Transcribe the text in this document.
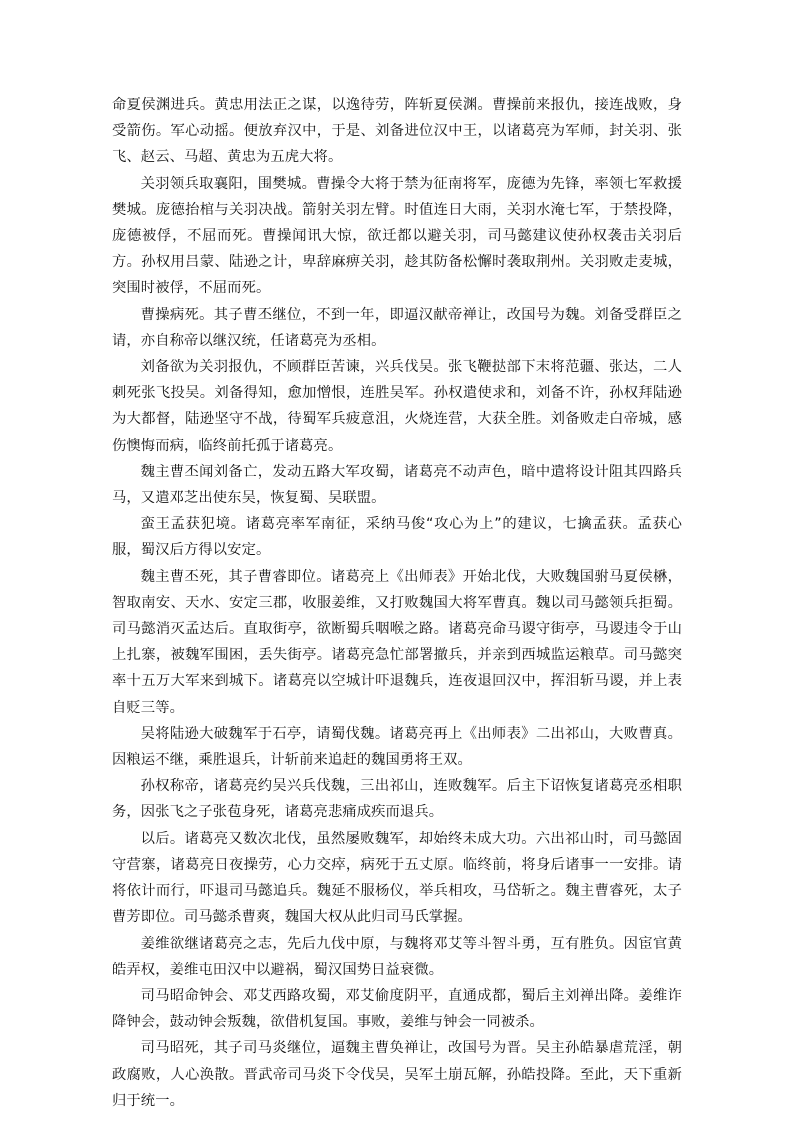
命夏侯渊进兵。黄忠用法正之谋，以逸待劳，阵斩夏侯渊。曹操前来报仇，接连战败，身受箭伤。军心动摇。便放弃汉中，于是、刘备进位汉中王，以诸葛亮为军师，封关羽、张飞、赵云、马超、黄忠为五虎大将。

关羽领兵取襄阳，围樊城。曹操令大将于禁为征南将军，庞德为先锋，率领七军救援樊城。庞德抬棺与关羽决战。箭射关羽左臂。时值连日大雨，关羽水淹七军，于禁投降，庞德被俘，不屈而死。曹操闻讯大惊，欲迁都以避关羽，司马懿建议使孙权袭击关羽后方。孙权用吕蒙、陆逊之计，卑辞麻痹关羽，趁其防备松懈时袭取荆州。关羽败走麦城，突围时被俘，不屈而死。

曹操病死。其子曹丕继位，不到一年，即逼汉献帝禅让，改国号为魏。刘备受群臣之请，亦自称帝以继汉统，任诸葛亮为丞相。

刘备欲为关羽报仇，不顾群臣苦谏，兴兵伐吴。张飞鞭挞部下末将范疆、张达，二人刺死张飞投吴。刘备得知，愈加憎恨，连胜吴军。孙权遣使求和，刘备不许，孙权拜陆逊为大都督，陆逊坚守不战，待蜀军兵疲意沮，火烧连营，大获全胜。刘备败走白帝城，感伤懊悔而病，临终前托孤于诸葛亮。

魏主曹丕闻刘备亡，发动五路大军攻蜀，诸葛亮不动声色，暗中遣将设计阻其四路兵马，又遣邓芝出使东吴，恢复蜀、吴联盟。

蛮王孟获犯境。诸葛亮率军南征，采纳马俊“攻心为上”的建议，七擒孟获。孟获心服，蜀汉后方得以安定。

魏主曹丕死，其子曹睿即位。诸葛亮上《出师表》开始北伐，大败魏国驸马夏侯楙，智取南安、天水、安定三郡，收服姜维，又打败魏国大将军曹真。魏以司马懿领兵拒蜀。司马懿消灭孟达后。直取街亭，欲断蜀兵咽喉之路。诸葛亮命马谡守街亭，马谡违令于山上扎寨，被魏军围困，丢失街亭。诸葛亮急忙部署撤兵，并亲到西城监运粮草。司马懿突率十五万大军来到城下。诸葛亮以空城计吓退魏兵，连夜退回汉中，挥泪斩马谡，并上表自贬三等。

吴将陆逊大破魏军于石亭，请蜀伐魏。诸葛亮再上《出师表》二出祁山，大败曹真。因粮运不继，乘胜退兵，计斩前来追赶的魏国勇将王双。

孙权称帝，诸葛亮约吴兴兵伐魏，三出祁山，连败魏军。后主下诏恢复诸葛亮丞相职务，因张飞之子张苞身死，诸葛亮悲痛成疾而退兵。

以后。诸葛亮又数次北伐，虽然屡败魏军，却始终未成大功。六出祁山时，司马懿固守营寨，诸葛亮日夜操劳，心力交瘁，病死于五丈原。临终前，将身后诸事一一安排。请将依计而行，吓退司马懿追兵。魏延不服杨仪，举兵相攻，马岱斩之。魏主曹睿死，太子曹芳即位。司马懿杀曹爽，魏国大权从此归司马氏掌握。

姜维欲继诸葛亮之志，先后九伐中原，与魏将邓艾等斗智斗勇，互有胜负。因宦官黄皓弄权，姜维屯田汉中以避祸，蜀汉国势日益衰微。

司马昭命钟会、邓艾西路攻蜀，邓艾偷度阴平，直通成都，蜀后主刘禅出降。姜维诈降钟会，鼓动钟会叛魏，欲借机复国。事败，姜维与钟会一同被杀。

司马昭死，其子司马炎继位，逼魏主曹奂禅让，改国号为晋。吴主孙皓暴虐荒淫，朝政腐败，人心涣散。晋武帝司马炎下令伐吴，吴军土崩瓦解，孙皓投降。至此，天下重新归于统一。
